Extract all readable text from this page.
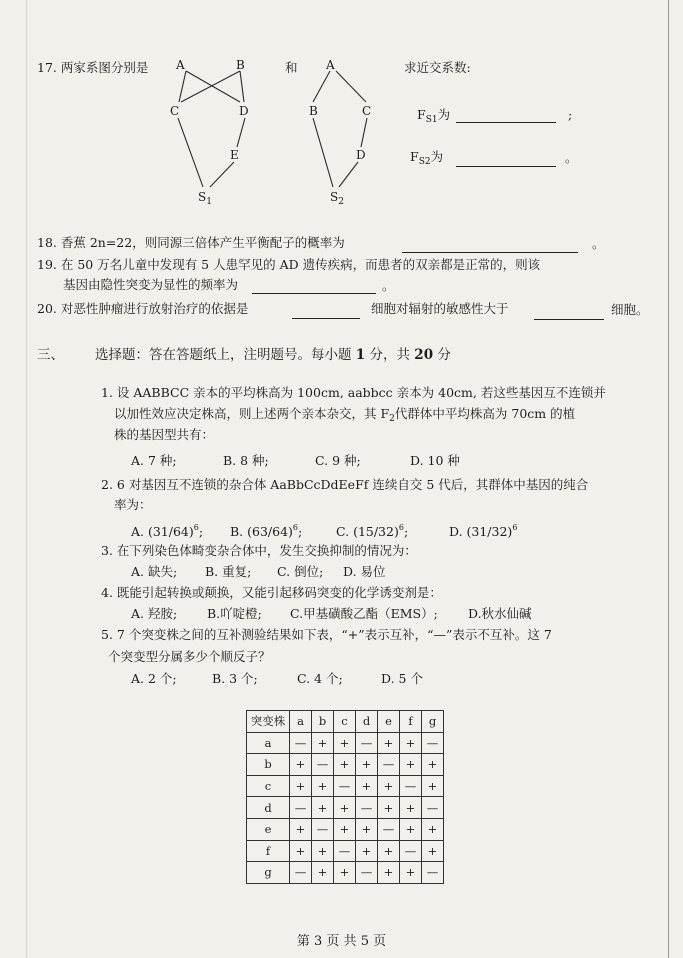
17. 两家系图分别是	和	求近交系数:
A	B
C	D
E
$S_1$
A
B	C
D
$S_2$
$F_{S1}$为	;
$F_{S2}$为	。
18. 香蕉 2n=22，则同源三倍体产生平衡配子的概率为	。
19. 在 50 万名儿童中发现有 5 人患罕见的 AD 遗传疾病，而患者的双亲都是正常的，则该
基因由隐性突变为显性的频率为	。
20. 对恶性肿瘤进行放射治疗的依据是	细胞对辐射的敏感性大于	细胞。
三、 选择题：答在答题纸上，注明题号。每小题 1 分，共 20 分
1. 设 AABBCC 亲本的平均株高为 100cm, aabbcc 亲本为 40cm, 若这些基因互不连锁并
以加性效应决定株高，则上述两个亲本杂交，其 $F_2$代群体中平均株高为 70cm 的植
株的基因型共有：
A. 7 种;	B. 8 种;	C. 9 种;	D. 10 种
2. 6 对基因互不连锁的杂合体 AaBbCcDdEeFf 连续自交 5 代后，其群体中基因的纯合
率为：
A. $(31/64)^6$; B. $(63/64)^6$;	C. $(15/32)^6$;	D. $(31/32)^6$
3. 在下列染色体畸变杂合体中，发生交换抑制的情况为：
A. 缺失; B. 重复; C. 倒位; D. 易位
4. 既能引起转换或颠换，又能引起移码突变的化学诱变剂是：
A. 羟胺; B.吖啶橙; C.甲基磺酸乙酯（EMS）; D.秋水仙碱
5. 7 个突变株之间的互补测验结果如下表，“+”表示互补，“—”表示不互补。这 7
个突变型分属多少个顺反子？
A. 2 个;	B. 3 个;	C. 4 个;	D. 5 个
突变株	a	b	c	d	e	f	g
a	—	+	+	—	+	+	—
b	+	—	+	+	—	+	+
c	+	+	—	+	+	—	+
d	—	+	+	—	+	+	—
e	+	—	+	+	—	+	+
f	+	+	—	+	+	—	+
g	—	+	+	—	+	+	—
第 3 页 共 5 页
